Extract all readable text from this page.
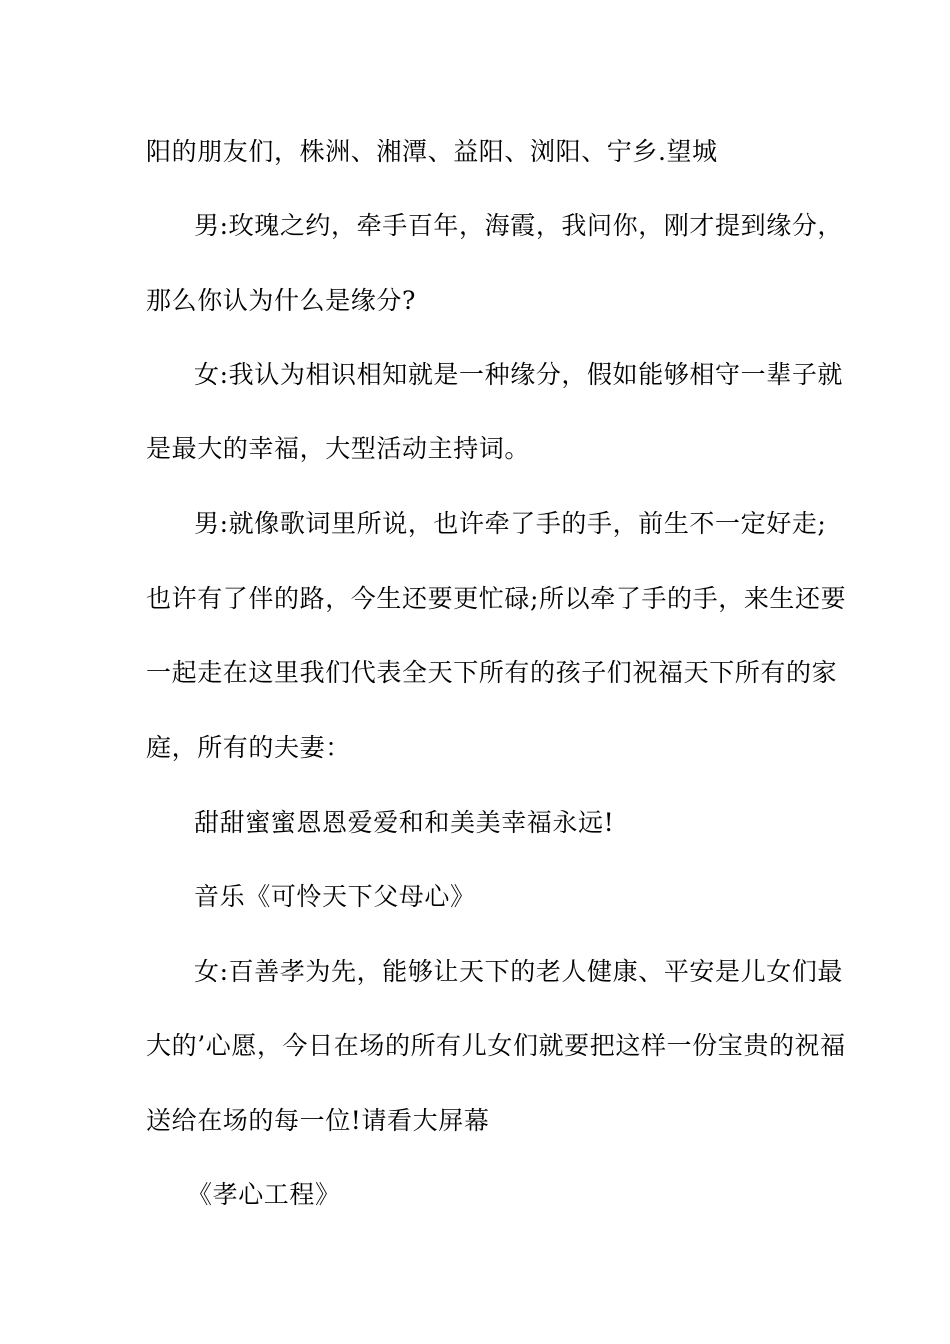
阳的朋友们，株洲、湘潭、益阳、浏阳、宁乡.望城
男:玫瑰之约，牵手百年，海霞，我问你，刚才提到缘分，
那么你认为什么是缘分?
女:我认为相识相知就是一种缘分，假如能够相守一辈子就
是最大的幸福，大型活动主持词。
男:就像歌词里所说，也许牵了手的手，前生不一定好走;
也许有了伴的路，今生还要更忙碌;所以牵了手的手，来生还要
一起走在这里我们代表全天下所有的孩子们祝福天下所有的家
庭，所有的夫妻：
甜甜蜜蜜恩恩爱爱和和美美幸福永远!
音乐《可怜天下父母心》
女:百善孝为先，能够让天下的老人健康、平安是儿女们最
大的’心愿，今日在场的所有儿女们就要把这样一份宝贵的祝福
送给在场的每一位!请看大屏幕
《孝心工程》
